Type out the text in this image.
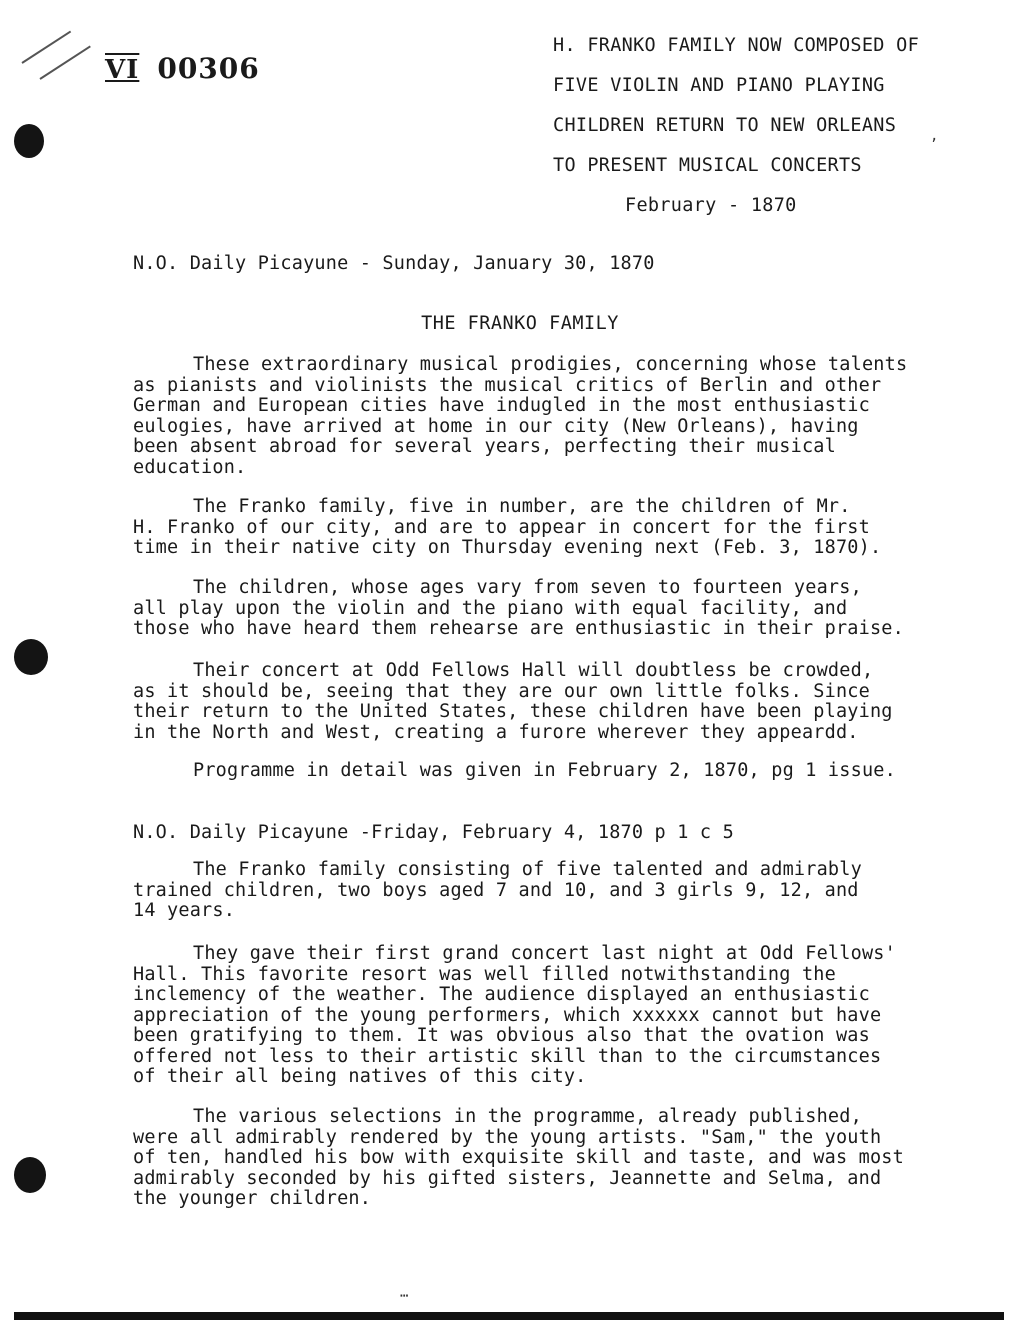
VI 00306
H. FRANKO FAMILY NOW COMPOSED OF
FIVE VIOLIN AND PIANO PLAYING
CHILDREN RETURN TO NEW ORLEANS
TO PRESENT MUSICAL CONCERTS
February - 1870
N.O. Daily Picayune - Sunday, January 30, 1870
THE FRANKO FAMILY
These extraordinary musical prodigies, concerning whose talents
as pianists and violinists the musical critics of Berlin and other
German and European cities have indugled in the most enthusiastic
eulogies, have arrived at home in our city (New Orleans), having
been absent abroad for several years, perfecting their musical
education.
The Franko family, five in number, are the children of Mr.
H. Franko of our city, and are to appear in concert for the first
time in their native city on Thursday evening next (Feb. 3, 1870).
The children, whose ages vary from seven to fourteen years,
all play upon the violin and the piano with equal facility, and
those who have heard them rehearse are enthusiastic in their praise.
Their concert at Odd Fellows Hall will doubtless be crowded,
as it should be, seeing that they are our own little folks. Since
their return to the United States, these children have been playing
in the North and West, creating a furore wherever they appeardd.
Programme in detail was given in February 2, 1870, pg 1 issue.
N.O. Daily Picayune -Friday, February 4, 1870 p 1 c 5
The Franko family consisting of five talented and admirably
trained children, two boys aged 7 and 10, and 3 girls 9, 12, and
14 years.
They gave their first grand concert last night at Odd Fellows'
Hall. This favorite resort was well filled notwithstanding the
inclemency of the weather. The audience displayed an enthusiastic
appreciation of the young performers, which xxxxxx cannot but have
been gratifying to them. It was obvious also that the ovation was
offered not less to their artistic skill than to the circumstances
of their all being natives of this city.
The various selections in the programme, already published,
were all admirably rendered by the young artists. "Sam," the youth
of ten, handled his bow with exquisite skill and taste, and was most
admirably seconded by his gifted sisters, Jeannette and Selma, and
the younger children.
⋯
,
